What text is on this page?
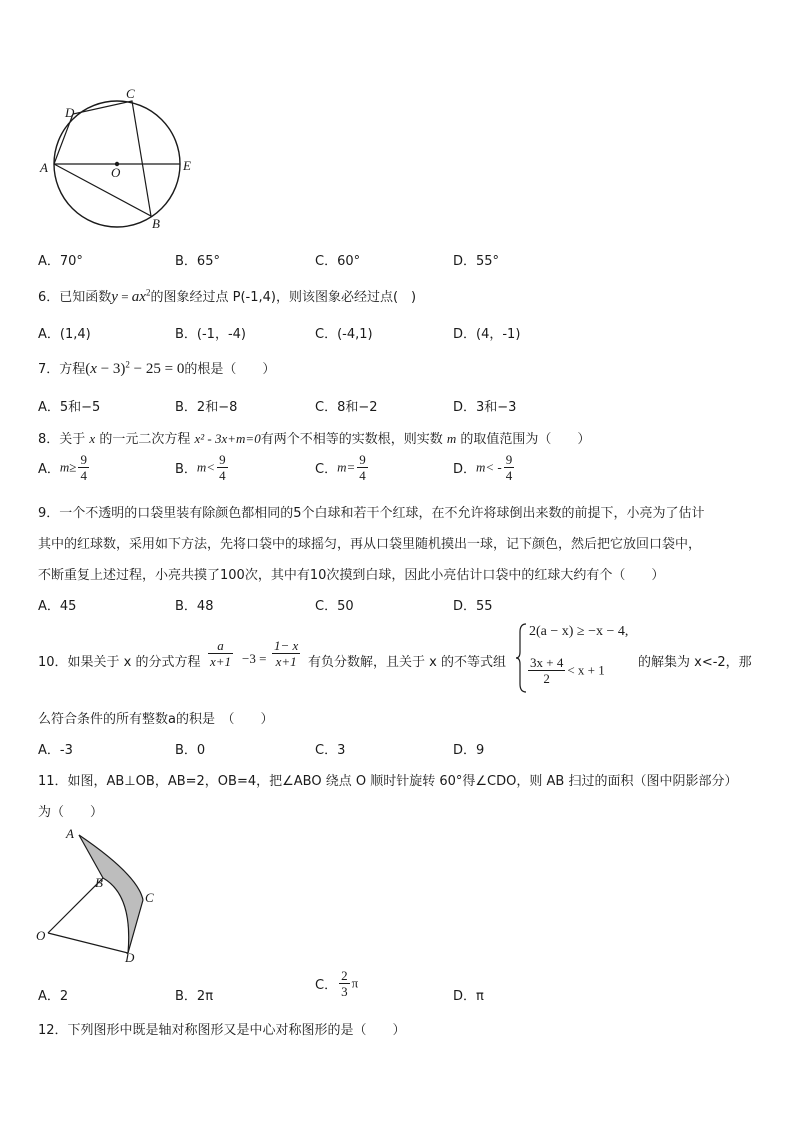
A
D
C
E
O
B
A．70°	B．65°	C．60°	D．55°
6．已知函数$y = ax^2$的图象经过点 P(-1,4)，则该图象必经过点(　)
A．(1,4)	B．(-1，-4)	C．(-4,1)	D．(4，-1)
7．方程$(x - 3)^2 - 25 = 0$的根是（　　）
A．5和−5	B．2和−8	C．8和−2	D．3和−3
8．关于 x 的一元二次方程 x² - 3x+m=0有两个不相等的实数根，则实数 m 的取值范围为（　　）
A．$m\ge \frac{9}{4}$	B．$m< \frac{9}{4}$	C．$m= \frac{9}{4}$	D．$m< - \frac{9}{4}$
9．一个不透明的口袋里装有除颜色都相同的5个白球和若干个红球，在不允许将球倒出来数的前提下，小亮为了估计
其中的红球数，采用如下方法，先将口袋中的球摇匀，再从口袋里随机摸出一球，记下颜色，然后把它放回口袋中，
不断重复上述过程，小亮共摸了100次，其中有10次摸到白球，因此小亮估计口袋中的红球大约有个（　　）
A．45	B．48	C．50	D．55
10．如果关于 x 的分式方程 $\frac{a}{x+1} -3 = \frac{1- x}{x+1}$ 有负分数解，且关于 x 的不等式组
2(a − x) ≥ −x − 4,
$\frac{3x + 4}{2} < x + 1$	的解集为 x<-2，那
么符合条件的所有整数a的积是　（　　）
A．-3	B．0	C．3	D．9
11．如图，AB⊥OB，AB=2，OB=4，把∠ABO 绕点 O 顺时针旋转 60°得∠CDO，则 AB 扫过的面积（图中阴影部分）
为（　　）
A
B
C
O
D
A．2	B．2π
C． $\frac{2}{3}$ π
D．π
12．下列图形中既是轴对称图形又是中心对称图形的是（　　）
